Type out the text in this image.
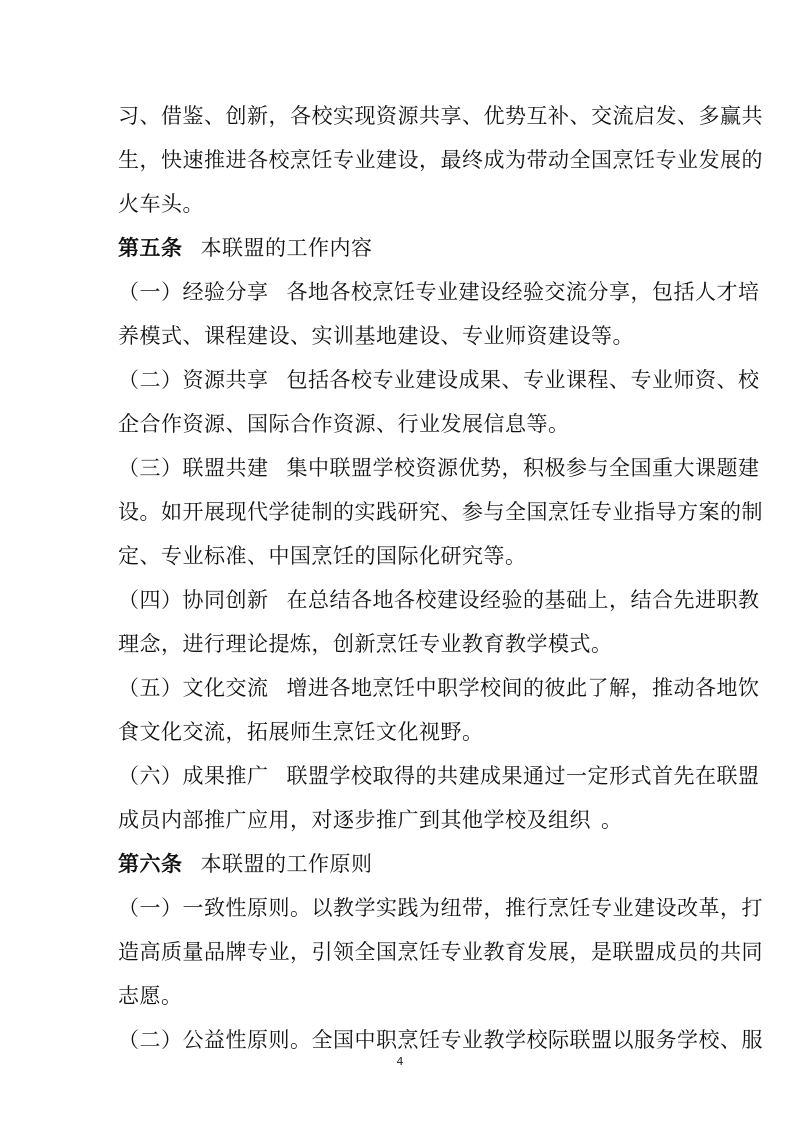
习、借鉴、创新，各校实现资源共享、优势互补、交流启发、多赢共
生，快速推进各校烹饪专业建设，最终成为带动全国烹饪专业发展的
火车头。
第五条 本联盟的工作内容
（一）经验分享 各地各校烹饪专业建设经验交流分享，包括人才培
养模式、课程建设、实训基地建设、专业师资建设等。
（二）资源共享 包括各校专业建设成果、专业课程、专业师资、校
企合作资源、国际合作资源、行业发展信息等。
（三）联盟共建 集中联盟学校资源优势，积极参与全国重大课题建
设。如开展现代学徒制的实践研究、参与全国烹饪专业指导方案的制
定、专业标准、中国烹饪的国际化研究等。
（四）协同创新 在总结各地各校建设经验的基础上，结合先进职教
理念，进行理论提炼，创新烹饪专业教育教学模式。
（五）文化交流 增进各地烹饪中职学校间的彼此了解，推动各地饮
食文化交流，拓展师生烹饪文化视野。
（六）成果推广 联盟学校取得的共建成果通过一定形式首先在联盟
成员内部推广应用，对逐步推广到其他学校及组织 。
第六条 本联盟的工作原则
（一）一致性原则。以教学实践为纽带，推行烹饪专业建设改革，打
造高质量品牌专业，引领全国烹饪专业教育发展，是联盟成员的共同
志愿。
（二）公益性原则。全国中职烹饪专业教学校际联盟以服务学校、服
4
